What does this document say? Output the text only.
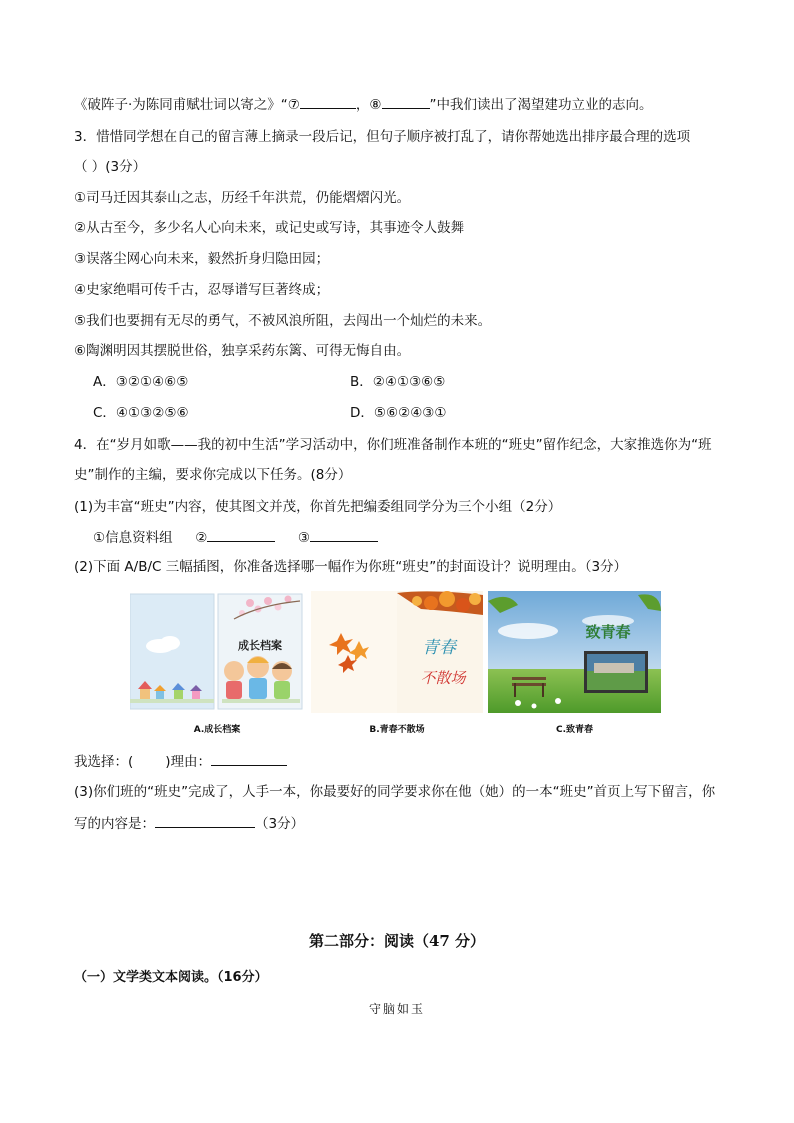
《破阵子·为陈同甫赋壮词以寄之》“⑦	，⑧	”中我们读出了渴望建功立业的志向。
3．惜惜同学想在自己的留言薄上摘录一段后记，但句子顺序被打乱了，请你帮她选出排序最合理的选项
（ ）(3分）
①司马迁因其泰山之志，历经千年洪荒，仍能熠熠闪光。
②从古至今，多少名人心向未来，或记史或写诗，其事迹令人鼓舞
③误落尘网心向未来，毅然折身归隐田园；
④史家绝唱可传千古，忍辱谱写巨著终成；
⑤我们也要拥有无尽的勇气，不被风浪所阻，去闯出一个灿烂的未来。
⑥陶渊明因其摆脱世俗，独享采药东篱、可得无悔自由。
A．③②①④⑥⑤	B．②④①③⑥⑤
C．④①③②⑤⑥	D．⑤⑥②④③①
4．在“岁月如歌——我的初中生活”学习活动中，你们班准备制作本班的“班史”留作纪念，大家推选你为“班
史”制作的主编，要求你完成以下任务。(8分）
(1)为丰富“班史”内容，使其图文并茂，你首先把编委组同学分为三个小组（2分）
①信息资料组 ②	③
(2)下面 A/B/C 三幅插图，你准备选择哪一幅作为你班“班史”的封面设计？说明理由。（3分）
成长档案	青春
不散场
致青春
A.成长档案	B.青春不散场	C.致青春
我选择：( )理由：
(3)你们班的“班史”完成了，人手一本，你最要好的同学要求你在他（她）的一本“班史”首页上写下留言，你
写的内容是：	（3分）
第二部分：阅读（47 分）
（一）文学类文本阅读。（16分）
守脑如玉
